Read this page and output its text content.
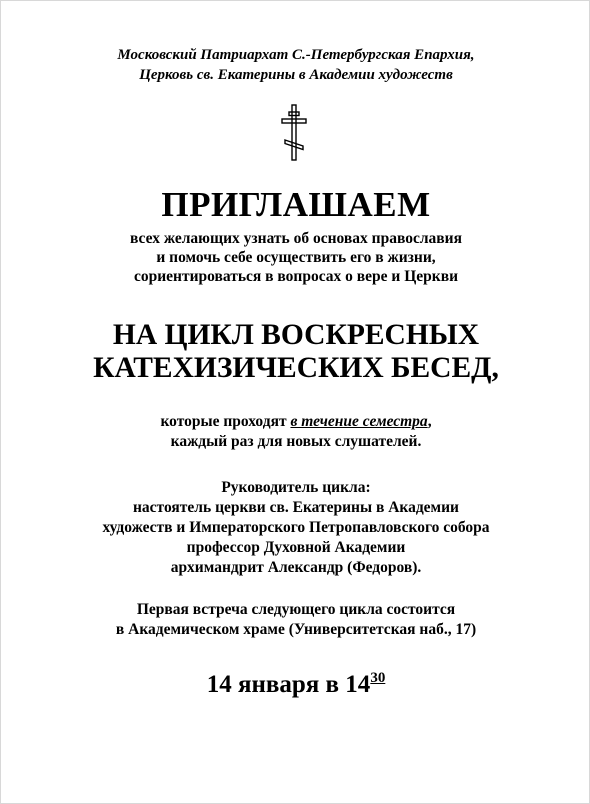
Московский Патриархат С.-Петербургская Епархия,
Церковь св. Екатерины в Академии художеств
ПРИГЛАШАЕМ
всех желающих узнать об основах православия
и помочь себе осуществить его в жизни,
сориентироваться в вопросах о вере и Церкви
НА ЦИКЛ ВОСКРЕСНЫХ
КАТЕХИЗИЧЕСКИХ БЕСЕД,
которые проходят в течение семестра,
каждый раз для новых слушателей.
Руководитель цикла:
настоятель церкви св. Екатерины в Академии
художеств и Императорского Петропавловского собора
профессор Духовной Академии
архимандрит Александр (Федоров).
Первая встреча следующего цикла состоится
в Академическом храме (Университетская наб., 17)
14 января в $14^{30}$
